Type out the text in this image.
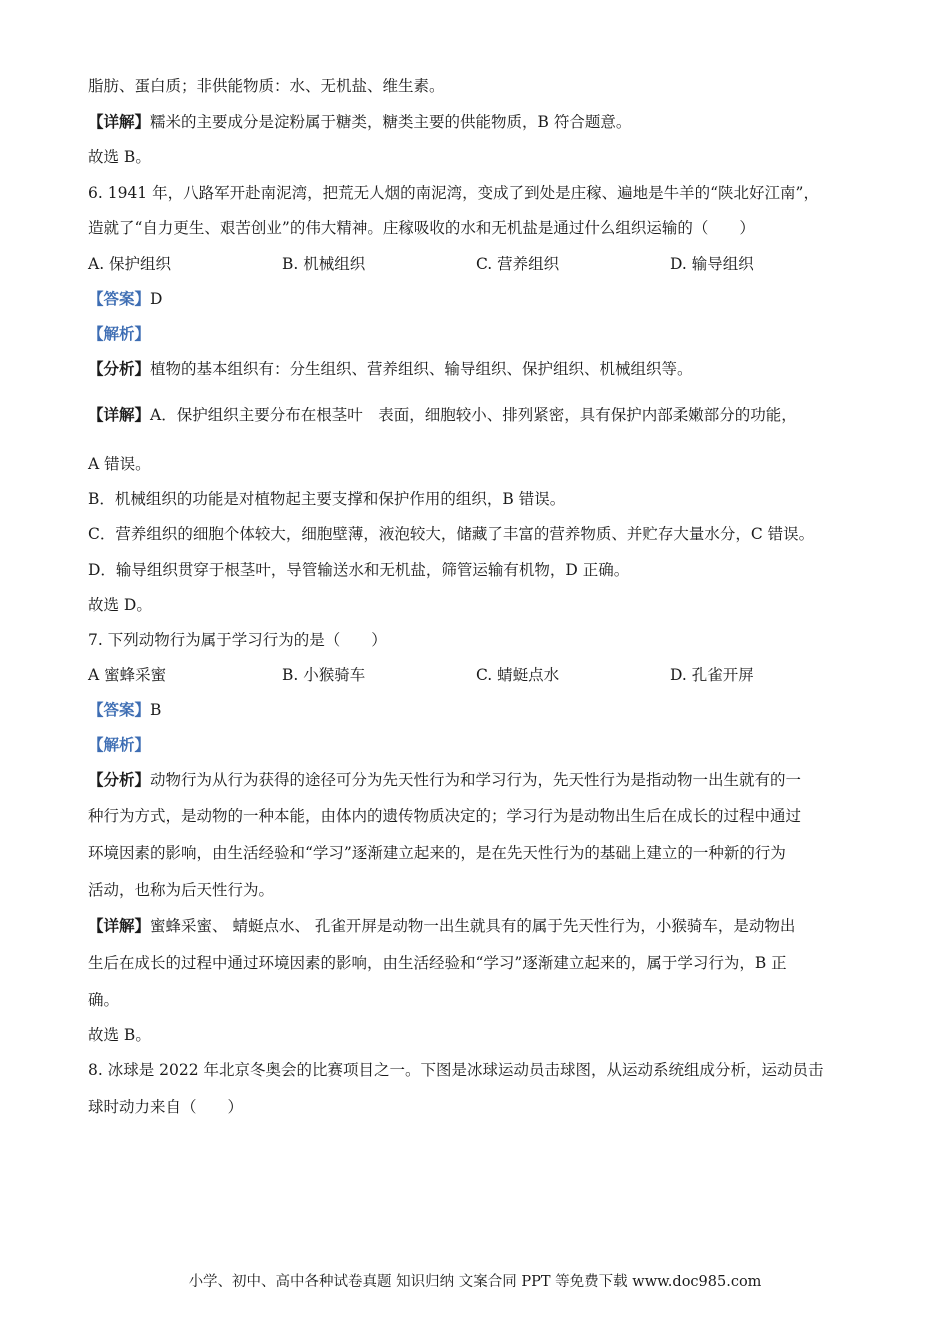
脂肪、蛋白质；非供能物质：水、无机盐、维生素。
【详解】糯米的主要成分是淀粉属于糖类，糖类主要的供能物质，B 符合题意。
故选 B。
6. 1941 年，八路军开赴南泥湾，把荒无人烟的南泥湾，变成了到处是庄稼、遍地是牛羊的“陕北好江南”，
造就了“自力更生、艰苦创业”的伟大精神。庄稼吸收的水和无机盐是通过什么组织运输的（　　）
A. 保护组织	B. 机械组织	C. 营养组织	D. 输导组织
【答案】D
【解析】
【分析】植物的基本组织有：分生组织、营养组织、输导组织、保护组织、机械组织等。
【详解】A．保护组织主要分布在根茎叶　表面，细胞较小、排列紧密，具有保护内部柔嫩部分的功能，
A 错误。
B．机械组织的功能是对植物起主要支撑和保护作用的组织，B 错误。
C．营养组织的细胞个体较大，细胞壁薄，液泡较大，储藏了丰富的营养物质、并贮存大量水分，C 错误。
D．输导组织贯穿于根茎叶，导管输送水和无机盐，筛管运输有机物，D 正确。
故选 D。
7. 下列动物行为属于学习行为的是（　　）
A 蜜蜂采蜜	B. 小猴骑车	C. 蜻蜓点水	D. 孔雀开屏
【答案】B
【解析】
【分析】动物行为从行为获得的途径可分为先天性行为和学习行为，先天性行为是指动物一出生就有的一
种行为方式，是动物的一种本能，由体内的遗传物质决定的；学习行为是动物出生后在成长的过程中通过
环境因素的影响，由生活经验和“学习”逐渐建立起来的，是在先天性行为的基础上建立的一种新的行为
活动，也称为后天性行为。
【详解】蜜蜂采蜜、 蜻蜓点水、 孔雀开屏是动物一出生就具有的属于先天性行为，小猴骑车，是动物出
生后在成长的过程中通过环境因素的影响，由生活经验和“学习”逐渐建立起来的，属于学习行为，B 正
确。
故选 B。
8. 冰球是 2022 年北京冬奥会的比赛项目之一。下图是冰球运动员击球图，从运动系统组成分析，运动员击
球时动力来自（　　）
小学、初中、高中各种试卷真题 知识归纳 文案合同 PPT 等免费下载 www.doc985.com
